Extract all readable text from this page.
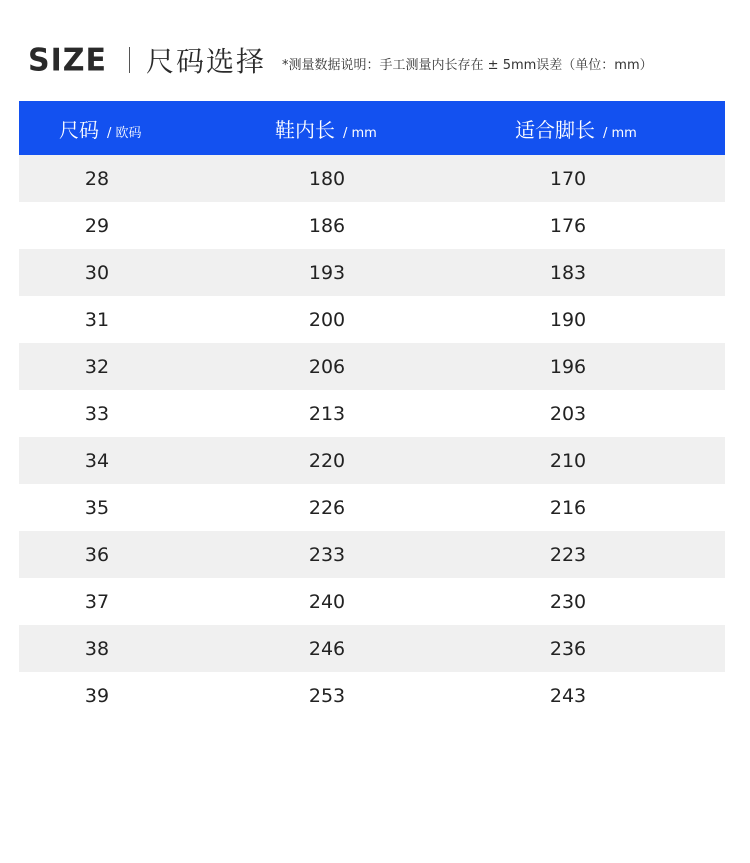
SIZE 尺码选择 *测量数据说明：手工测量内长存在 ± 5mm误差（单位：mm）
尺码 / 欧码	鞋内长 / mm	适合脚长 / mm
28	180	170
29	186	176
30	193	183
31	200	190
32	206	196
33	213	203
34	220	210
35	226	216
36	233	223
37	240	230
38	246	236
39	253	243
